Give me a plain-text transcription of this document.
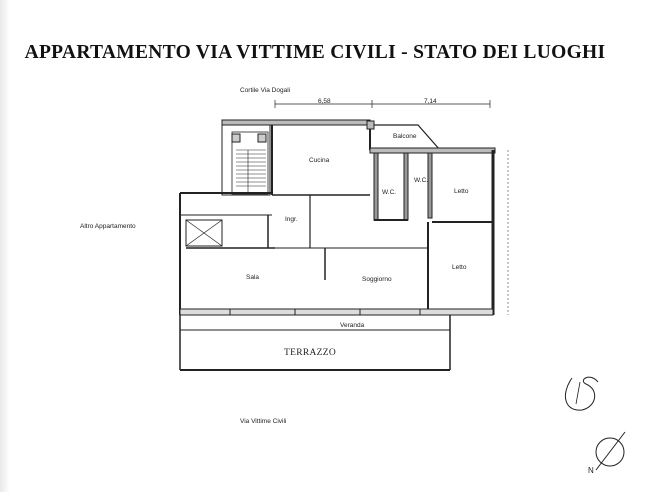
APPARTAMENTO VIA VITTIME CIVILI - STATO DEI LUOGHI
Cortile Via Dogali
6,58	7,14
Balcone
Cucina
W.C.
W.C.
Letto
Ingr.
Altro Appartamento
Letto
Sala	Soggiorno
Veranda
TERRAZZO
Via Vittime Civili
N
